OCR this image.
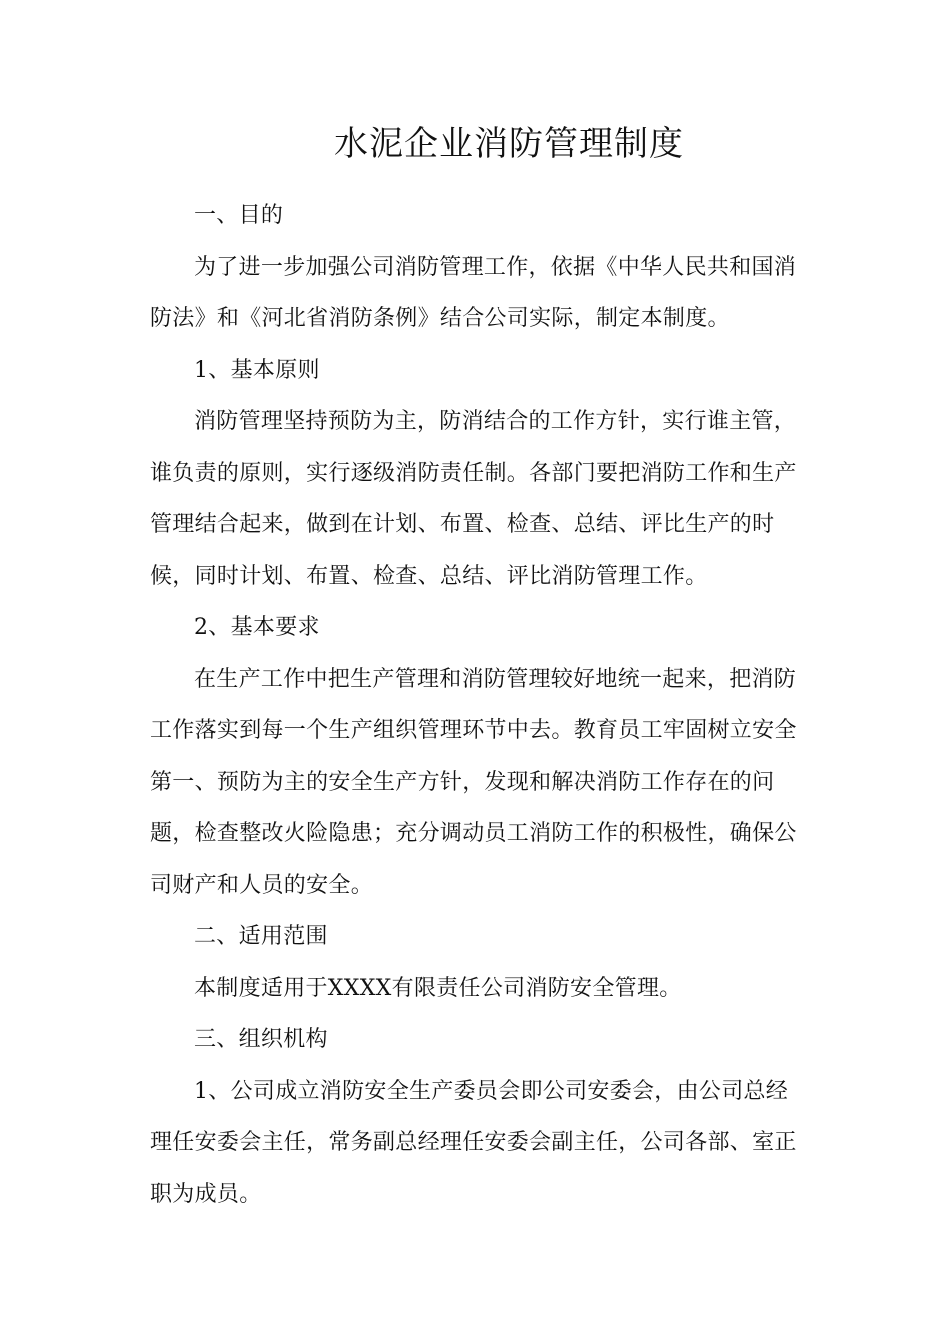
水泥企业消防管理制度

一、目的

为了进一步加强公司消防管理工作，依据《中华人民共和国消防法》和《河北省消防条例》结合公司实际，制定本制度。

1、基本原则

消防管理坚持预防为主，防消结合的工作方针，实行谁主管，谁负责的原则，实行逐级消防责任制。各部门要把消防工作和生产管理结合起来，做到在计划、布置、检查、总结、评比生产的时候，同时计划、布置、检查、总结、评比消防管理工作。

2、基本要求

在生产工作中把生产管理和消防管理较好地统一起来，把消防工作落实到每一个生产组织管理环节中去。教育员工牢固树立安全第一、预防为主的安全生产方针，发现和解决消防工作存在的问题，检查整改火险隐患；充分调动员工消防工作的积极性，确保公司财产和人员的安全。

二、适用范围

本制度适用于XXXX有限责任公司消防安全管理。

三、组织机构

1、公司成立消防安全生产委员会即公司安委会，由公司总经理任安委会主任，常务副总经理任安委会副主任，公司各部、室正职为成员。
